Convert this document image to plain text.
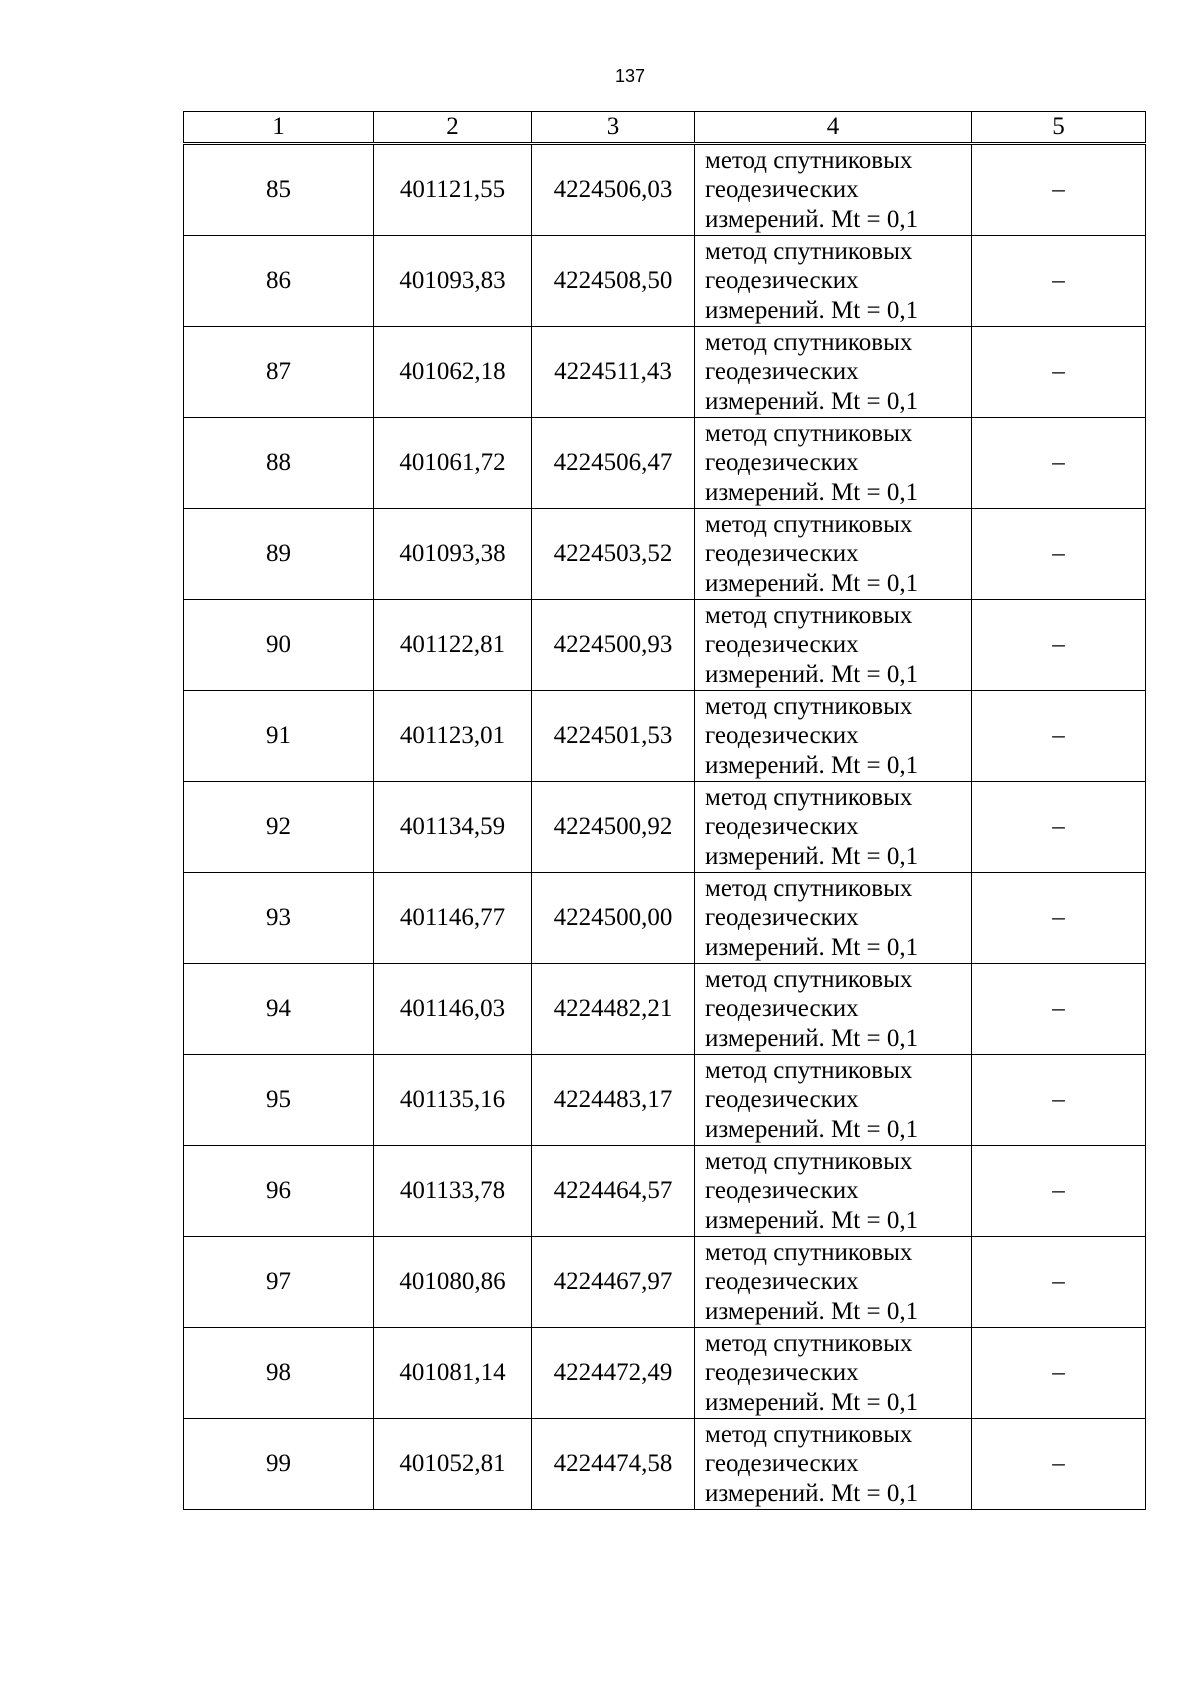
137
1	2	3	4	5
85	401121,55	4224506,03	метод спутниковых
геодезических
измерений. Mt = 0,1	–
86	401093,83	4224508,50	метод спутниковых
геодезических
измерений. Mt = 0,1	–
87	401062,18	4224511,43	метод спутниковых
геодезических
измерений. Mt = 0,1	–
88	401061,72	4224506,47	метод спутниковых
геодезических
измерений. Mt = 0,1	–
89	401093,38	4224503,52	метод спутниковых
геодезических
измерений. Mt = 0,1	–
90	401122,81	4224500,93	метод спутниковых
геодезических
измерений. Mt = 0,1	–
91	401123,01	4224501,53	метод спутниковых
геодезических
измерений. Mt = 0,1	–
92	401134,59	4224500,92	метод спутниковых
геодезических
измерений. Mt = 0,1	–
93	401146,77	4224500,00	метод спутниковых
геодезических
измерений. Mt = 0,1	–
94	401146,03	4224482,21	метод спутниковых
геодезических
измерений. Mt = 0,1	–
95	401135,16	4224483,17	метод спутниковых
геодезических
измерений. Mt = 0,1	–
96	401133,78	4224464,57	метод спутниковых
геодезических
измерений. Mt = 0,1	–
97	401080,86	4224467,97	метод спутниковых
геодезических
измерений. Mt = 0,1	–
98	401081,14	4224472,49	метод спутниковых
геодезических
измерений. Mt = 0,1	–
99	401052,81	4224474,58	метод спутниковых
геодезических
измерений. Mt = 0,1	–
